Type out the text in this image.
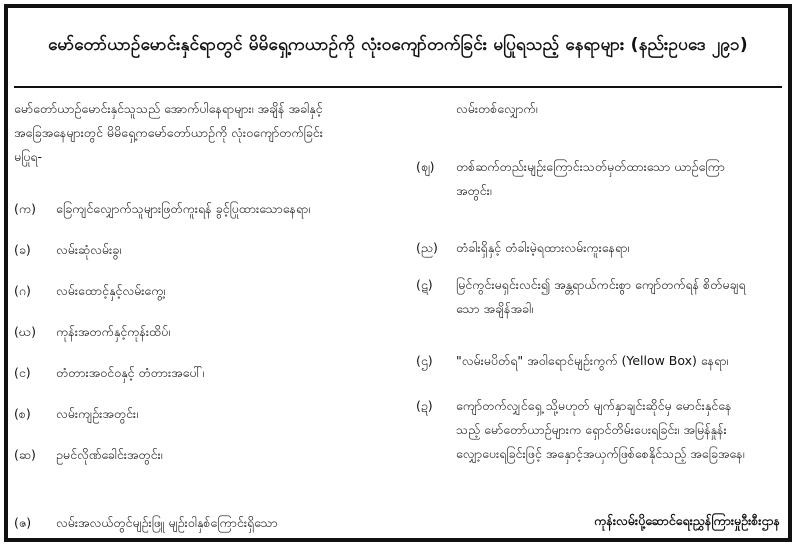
မော်တော်ယာဉ်မောင်းနှင်ရာတွင် မိမိရှေ့ကယာဉ်ကို လုံးဝကျော်တက်ခြင်း မပြုရသည့် နေရာများ (နည်းဥပဒေ ၂၉၁)
မော်တော်ယာဉ်မောင်းနှင်သူသည် အောက်ပါနေရာများ၊ အချိန် အခါနှင့်
အခြေအနေများတွင် မိမိရှေ့ကမော်တော်ယာဉ်ကို လုံးဝကျော်တက်ခြင်း
မပြုရ-
(က) ခြေကျင်လျှောက်သူများဖြတ်ကူးရန် ခွင့်ပြုထားသောနေရာ၊
(ခ) လမ်းဆုံလမ်းခွ၊
(ဂ) လမ်းထောင့်နှင့်လမ်းကွေ့၊
(ဃ) ကုန်းအတက်နှင့်ကုန်းထိပ်၊
(င) တံတားအဝင်ဝနှင့် တံတားအပေါ်၊
(စ) လမ်းကျဉ်းအတွင်း၊
(ဆ) ဥမင်လိုဏ်ခေါင်းအတွင်း၊
(ဇ) လမ်းအလယ်တွင်မျဉ်းဖြူ မျဉ်းဝါနှစ်ကြောင်းရှိသော
လမ်းတစ်လျှောက်၊
(ဈ) တစ်ဆက်တည်းမျဉ်းကြောင်းသတ်မှတ်ထားသော ယာဉ်ကြော
အတွင်း၊
(ည) တံခါးရှိနှင့် တံခါးမဲ့ရထားလမ်းကူးနေရာ၊
(ဋ) မြင်ကွင်းမရှင်းလင်း၍ အန္တရာယ်ကင်းစွာ ကျော်တက်ရန် စိတ်မချရ
သော အချိန်အခါ၊
(ဌ) "လမ်းမပိတ်ရ" အဝါရောင်မျဉ်းကွက် (Yellow Box) နေရာ၊
(ဍ) ကျော်တက်လျှင်ရှေ့ သို့မဟုတ် မျက်နှာချင်းဆိုင်မှ မောင်းနှင်နေ
သည့် မော်တော်ယာဉ်များက ရှောင်တိမ်းပေးရခြင်း၊ အမြန်နှုန်း
လျှော့ပေးရခြင်းဖြင့် အနှောင့်အယှက်ဖြစ်စေနိုင်သည့် အခြေအနေ၊
ကုန်းလမ်းပို့ဆောင်ရေးညွှန်ကြားမှုဦးစီးဌာန
